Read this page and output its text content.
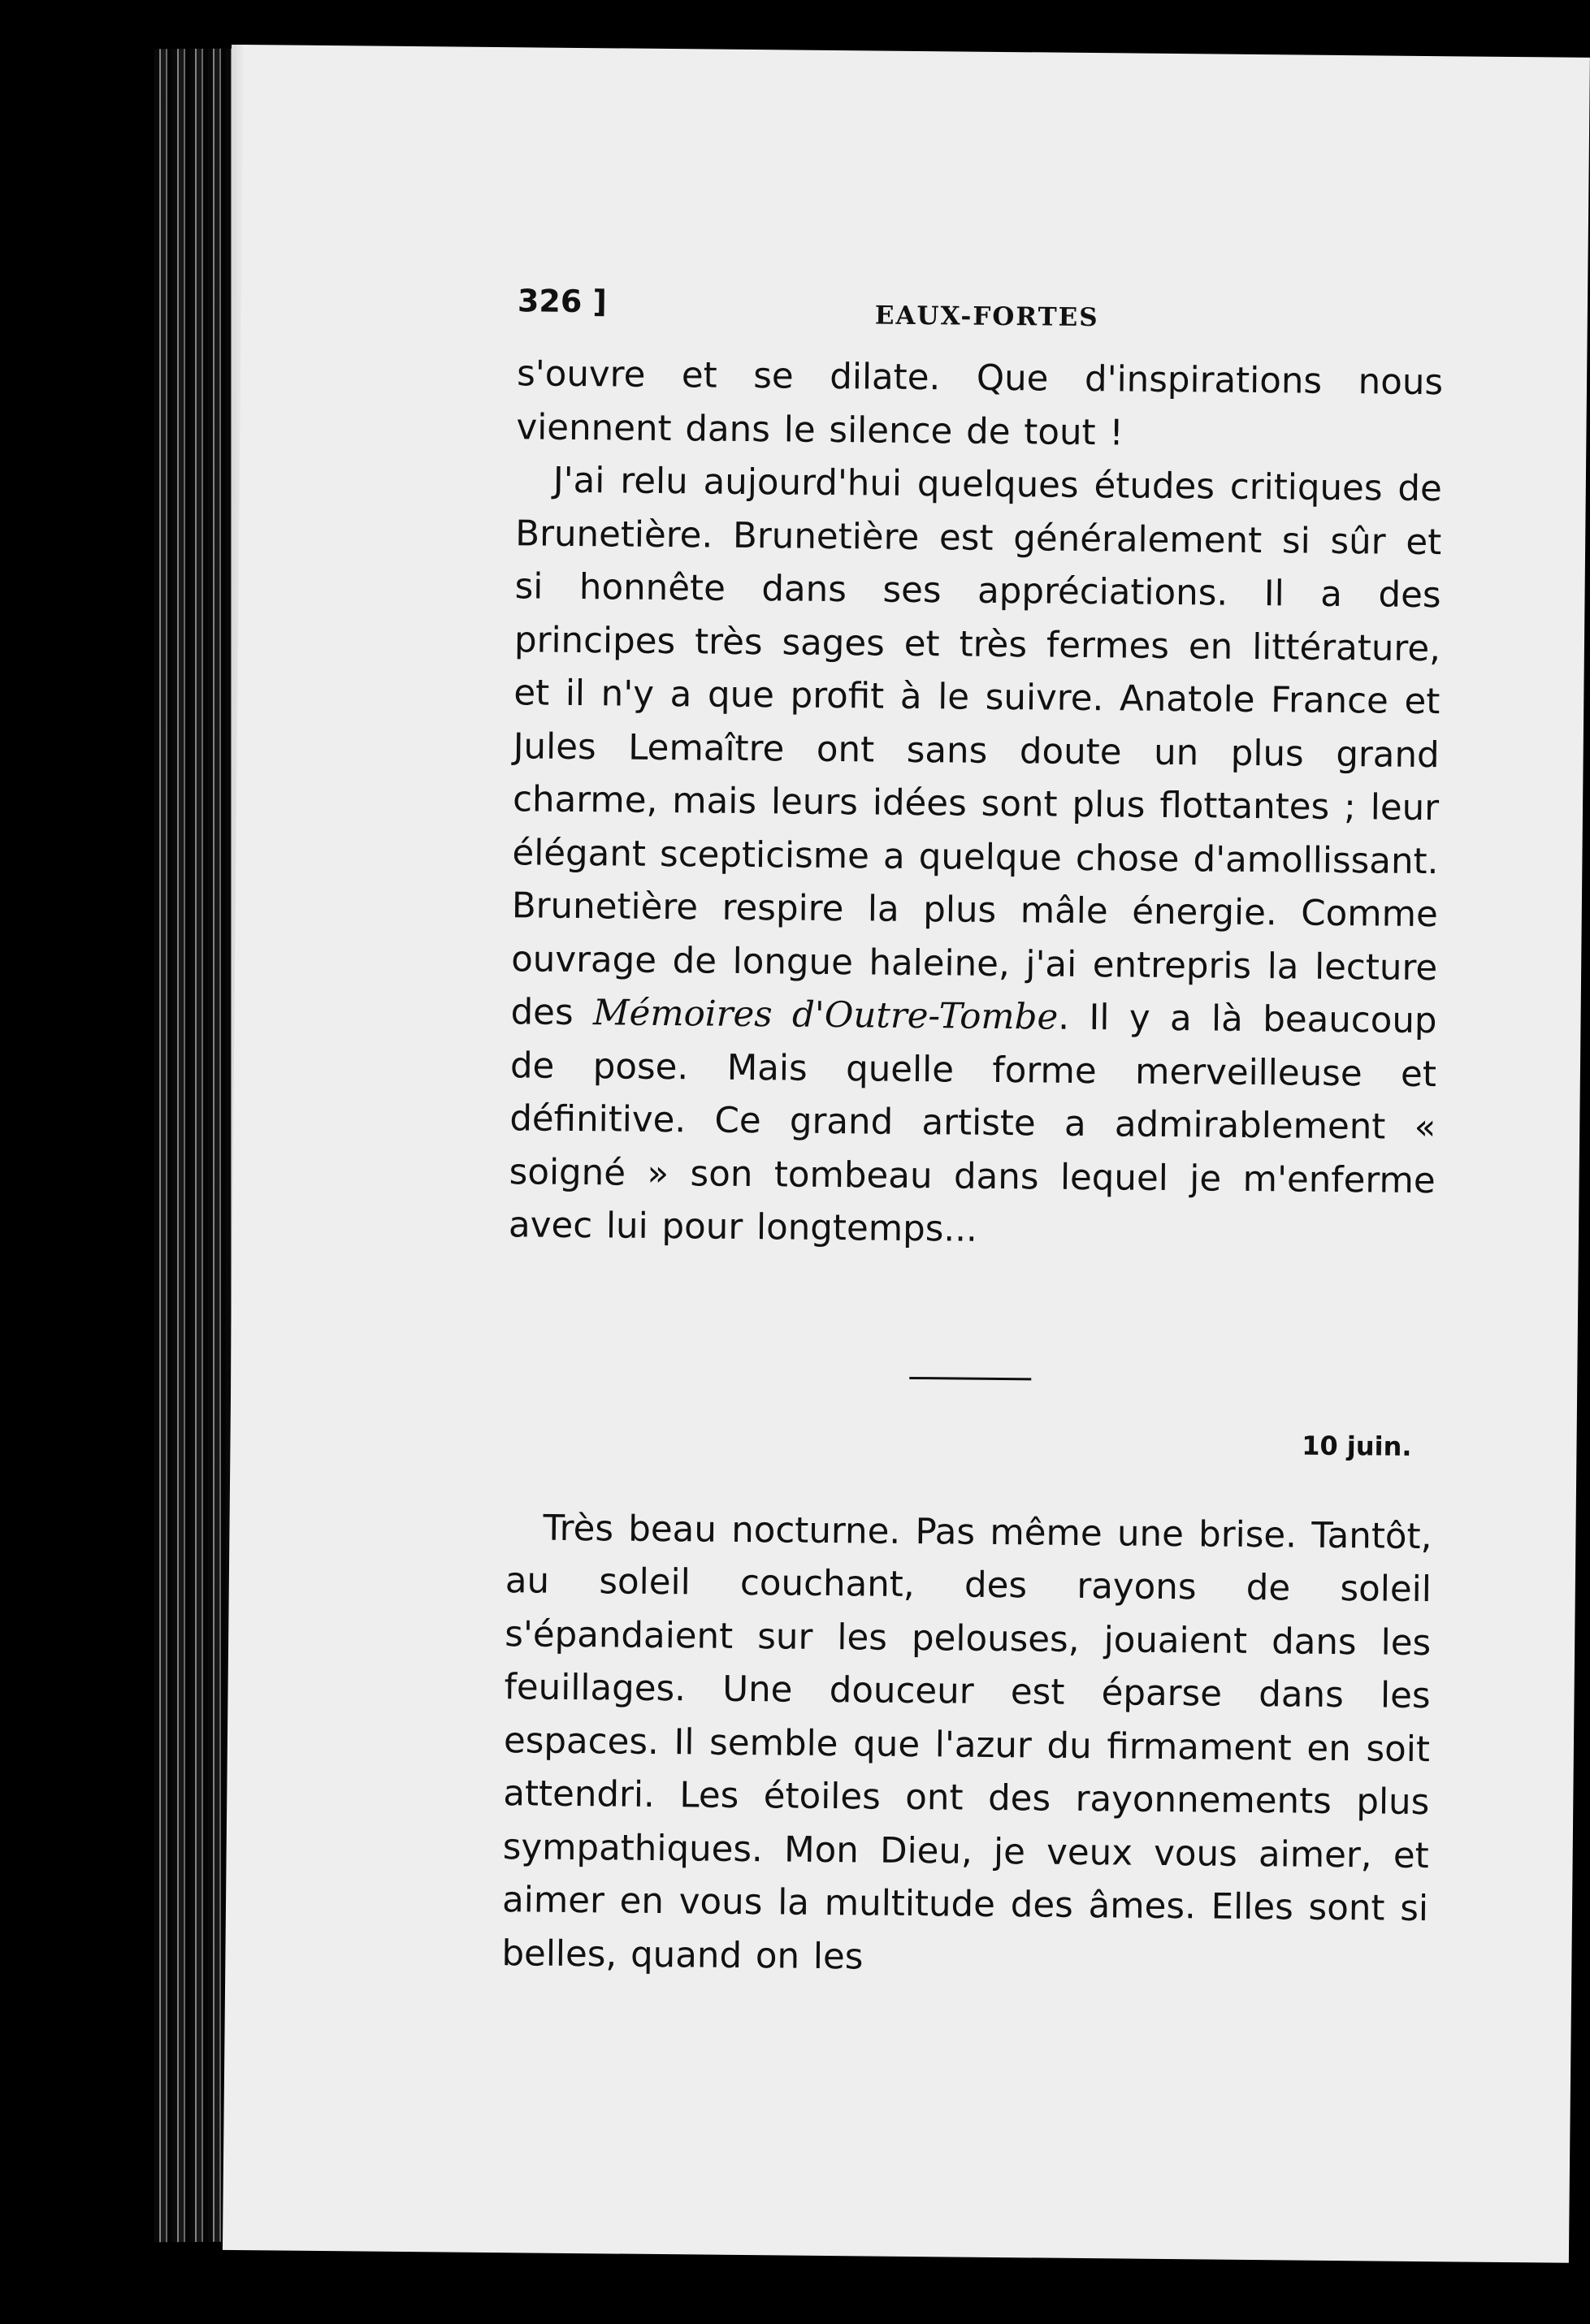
326 ]	EAUX-FORTES

s'ouvre et se dilate. Que d'inspirations nous viennent dans le silence de tout !

J'ai relu aujourd'hui quelques études critiques de Brunetière. Brunetière est généralement si sûr et si honnête dans ses appréciations. Il a des principes très sages et très fermes en littérature, et il n'y a que profit à le suivre. Anatole France et Jules Lemaître ont sans doute un plus grand charme, mais leurs idées sont plus flottantes ; leur élégant scepticisme a quelque chose d'amollissant. Brunetière respire la plus mâle énergie. Comme ouvrage de longue haleine, j'ai entrepris la lecture des Mémoires d'Outre-Tombe. Il y a là beaucoup de pose. Mais quelle forme merveilleuse et définitive. Ce grand artiste a admirablement « soigné » son tombeau dans lequel je m'enferme avec lui pour longtemps...

10 juin.

Très beau nocturne. Pas même une brise. Tantôt, au soleil couchant, des rayons de soleil s'épandaient sur les pelouses, jouaient dans les feuillages. Une douceur est éparse dans les espaces. Il semble que l'azur du firmament en soit attendri. Les étoiles ont des rayonnements plus sympathiques. Mon Dieu, je veux vous aimer, et aimer en vous la multitude des âmes. Elles sont si belles, quand on les
